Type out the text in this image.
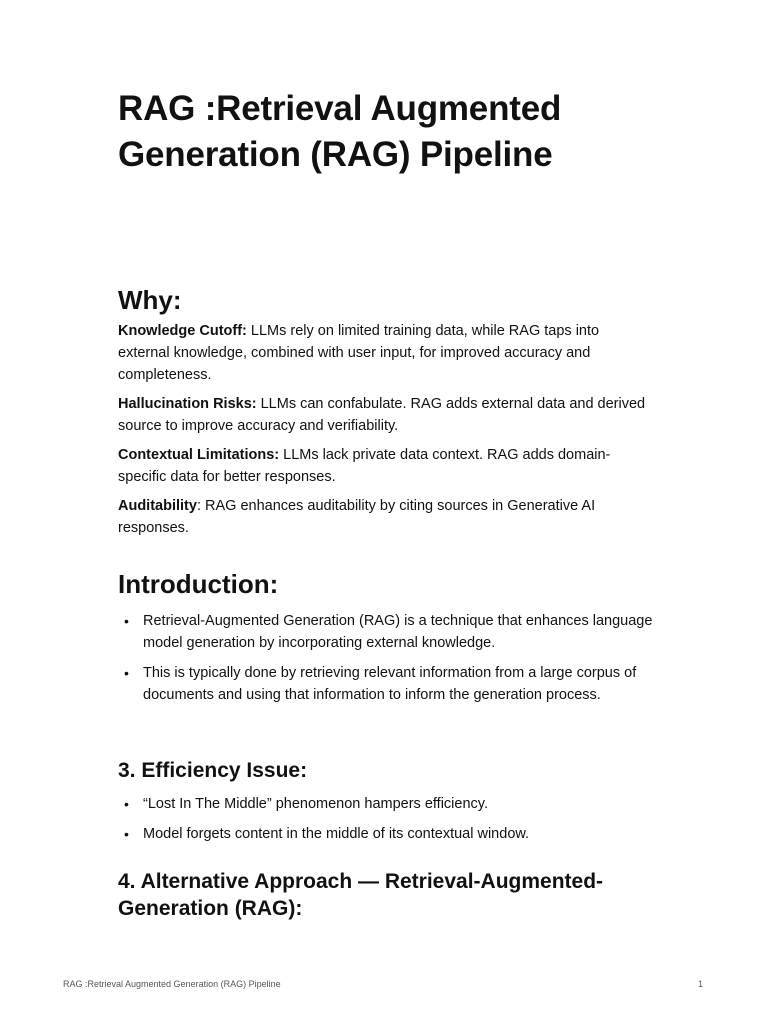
RAG :Retrieval Augmented Generation (RAG) Pipeline
Why:

Knowledge Cutoff: LLMs rely on limited training data, while RAG taps into external knowledge, combined with user input, for improved accuracy and completeness.

Hallucination Risks: LLMs can confabulate. RAG adds external data and derived source to improve accuracy and verifiability.

Contextual Limitations: LLMs lack private data context. RAG adds domain-specific data for better responses.

Auditability: RAG enhances auditability by citing sources in Generative AI responses.

Introduction:
• Retrieval-Augmented Generation (RAG) is a technique that enhances language model generation by incorporating external knowledge.
• This is typically done by retrieving relevant information from a large corpus of documents and using that information to inform the generation process.
3. Efficiency Issue:
• “Lost In The Middle” phenomenon hampers efficiency.
• Model forgets content in the middle of its contextual window.
4. Alternative Approach — Retrieval-Augmented-Generation (RAG):
RAG :Retrieval Augmented Generation (RAG) Pipeline	1
